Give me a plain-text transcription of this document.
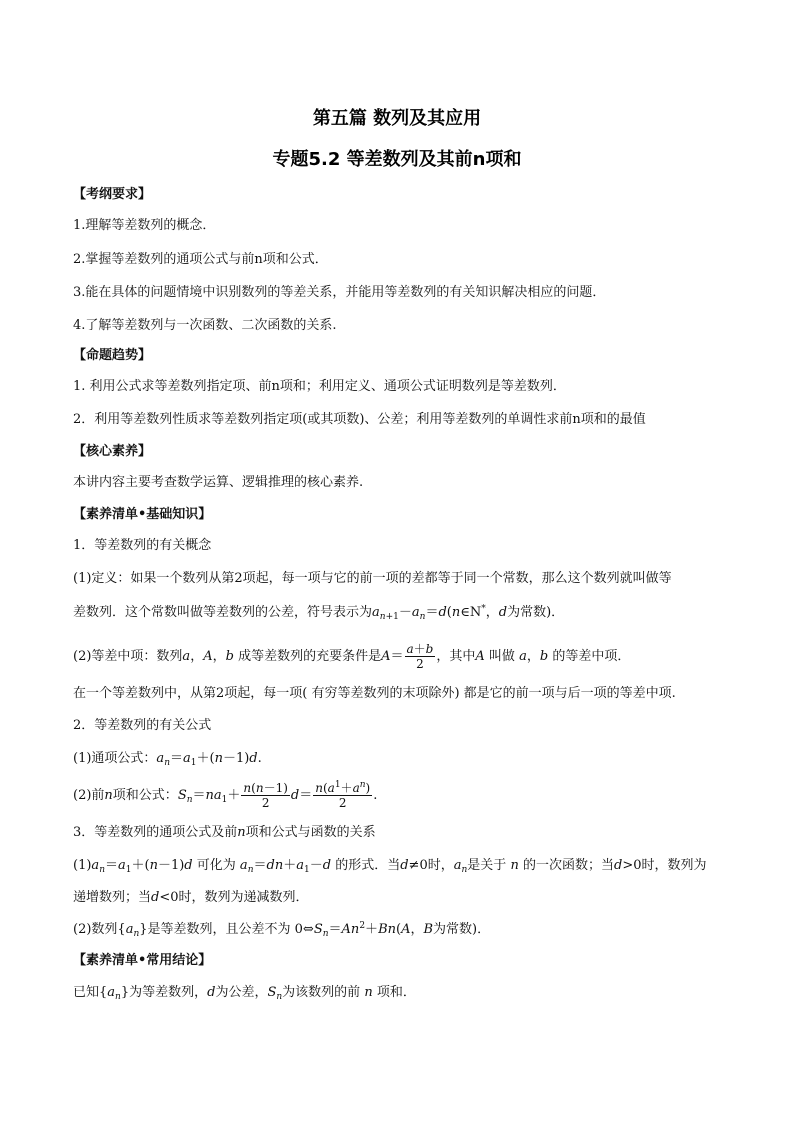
第五篇 数列及其应用
专题5.2 等差数列及其前n项和
【考纲要求】
1.理解等差数列的概念．
2.掌握等差数列的通项公式与前n项和公式．
3.能在具体的问题情境中识别数列的等差关系，并能用等差数列的有关知识解决相应的问题．
4.了解等差数列与一次函数、二次函数的关系.
【命题趋势】
1. 利用公式求等差数列指定项、前n项和；利用定义、通项公式证明数列是等差数列．
2．利用等差数列性质求等差数列指定项(或其项数)、公差；利用等差数列的单调性求前n项和的最值
【核心素养】
本讲内容主要考查数学运算、逻辑推理的核心素养.
【素养清单•基础知识】
1．等差数列的有关概念
(1)定义：如果一个数列从第2项起，每一项与它的前一项的差都等于同一个常数，那么这个数列就叫做等
差数列．这个常数叫做等差数列的公差，符号表示为$a_{n+1}-a_n=d(n\in N^*$，d为常数)．
(2)等差中项：数列a，A，b 成等差数列的充要条件是$A= \frac{a+b}{2}$ ，其中A 叫做 a，b 的等差中项．
在一个等差数列中，从第2项起，每一项( 有穷等差数列的末项除外) 都是它的前一项与后一项的等差中项.
2．等差数列的有关公式
(1)通项公式：$a_n=a_1+(n-1)d$.
(2)前n项和公式：$S_n=na_1+ \frac{n(n-1)}{2} d= \frac{n(a^1+a^n)}{2}$ .
3．等差数列的通项公式及前n项和公式与函数的关系
$(1)a_n=a_1+(n-1)d$ 可化为 $a_n=dn+a_1-d$ 的形式．当d≠0时，$a_n$是关于 n 的一次函数；当d>0时，数列为
递增数列；当d<0时，数列为递减数列．
(2)数列$\{a_n\}$是等差数列，且公差不为 $0\Leftrightarrow S_n=An^2+Bn(A$，B为常数)．
【素养清单•常用结论】
已知$\{a_n\}$为等差数列，d为公差，$S_n$为该数列的前 n 项和．
